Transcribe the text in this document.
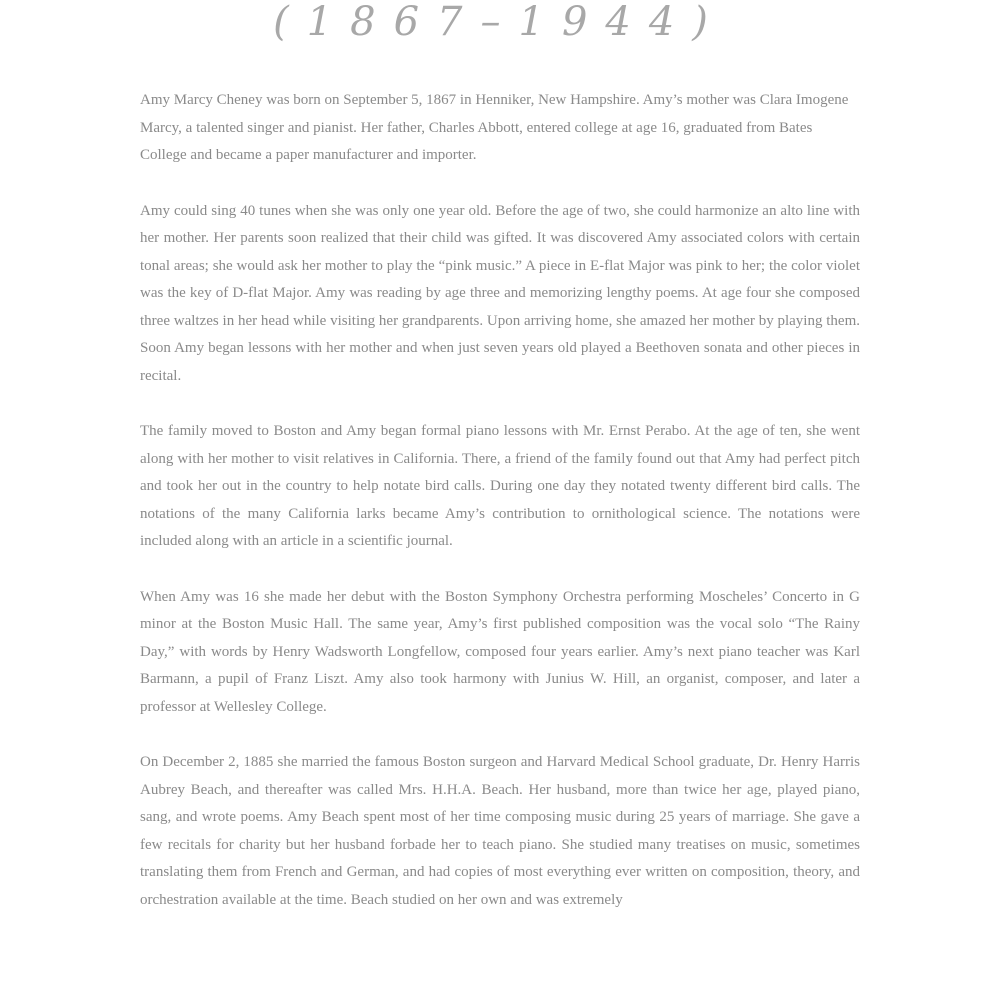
(1867–1944)

Amy Marcy Cheney was born on September 5, 1867 in Henniker, New Hampshire. Amy’s mother was Clara Imogene Marcy, a talented singer and pianist. Her father, Charles Abbott, entered college at age 16, graduated from Bates College and became a paper manufacturer and importer.

Amy could sing 40 tunes when she was only one year old. Before the age of two, she could harmonize an alto line with her mother. Her parents soon realized that their child was gifted. It was discovered Amy associated colors with certain tonal areas; she would ask her mother to play the “pink music.” A piece in E-flat Major was pink to her; the color violet was the key of D-flat Major. Amy was reading by age three and memorizing lengthy poems. At age four she composed three waltzes in her head while visiting her grandparents. Upon arriving home, she amazed her mother by playing them. Soon Amy began lessons with her mother and when just seven years old played a Beethoven sonata and other pieces in recital.

The family moved to Boston and Amy began formal piano lessons with Mr. Ernst Perabo. At the age of ten, she went along with her mother to visit relatives in California. There, a friend of the family found out that Amy had perfect pitch and took her out in the country to help notate bird calls. During one day they notated twenty different bird calls. The notations of the many California larks became Amy’s contribution to ornithological science. The notations were included along with an article in a scientific journal.

When Amy was 16 she made her debut with the Boston Symphony Orchestra performing Moscheles’ Concerto in G minor at the Boston Music Hall. The same year, Amy’s first published composition was the vocal solo “The Rainy Day,” with words by Henry Wadsworth Longfellow, composed four years earlier. Amy’s next piano teacher was Karl Barmann, a pupil of Franz Liszt. Amy also took harmony with Junius W. Hill, an organist, composer, and later a professor at Wellesley College.

On December 2, 1885 she married the famous Boston surgeon and Harvard Medical School graduate, Dr. Henry Harris Aubrey Beach, and thereafter was called Mrs. H.H.A. Beach. Her husband, more than twice her age, played piano, sang, and wrote poems. Amy Beach spent most of her time composing music during 25 years of marriage. She gave a few recitals for charity but her husband forbade her to teach piano. She studied many treatises on music, sometimes translating them from French and German, and had copies of most everything ever written on composition, theory, and orchestration available at the time. Beach studied on her own and was extremely
